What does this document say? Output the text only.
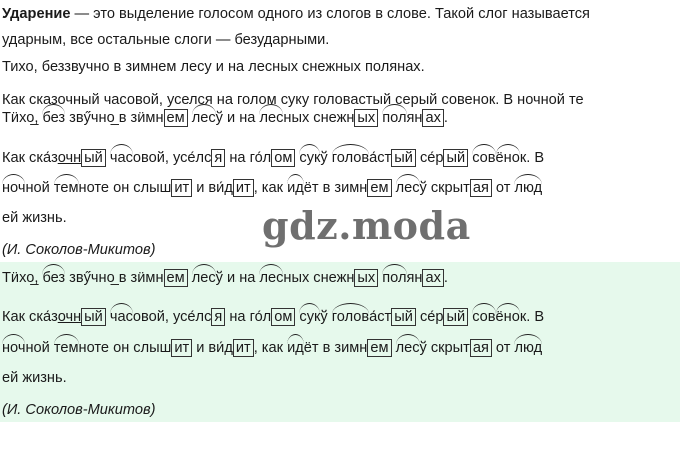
Ударение — это выделение голосом одного из слогов в слове. Такой слог называется
ударным, все остальные слоги — безударными.
Тихо, беззвучно в зимнем лесу и на лесных снежных полянах.
Как сказочный часовой, уселся на голом суку головастый серый совенок. В ночной те
Тӥхо̲, без звӳчно̲ в зӥмн ем лесў и на лесных снежн ых полян ах .
Как ска́зочн ый часовой, усе́лс я на го́л ом сукў голова́ст ый се́р ый совёнок. В
ночной темноте он слыш ит и ви́д ит , как идёт в зимн ем лесў скрыт ая от люд
ей жизнь.
(И. Соколов-Микитов)
gdz.moda
Тӥхо̲, без звӳчно̲ в зӥмн ем лесў и на лесных снежн ых полян ах .
Как ска́зочн ый часовой, усе́лс я на го́л ом сукў голова́ст ый се́р ый совёнок. В
ночной темноте он слыш ит и ви́д ит , как идёт в зимн ем лесў скрыт ая от люд
ей жизнь.
(И. Соколов-Микитов)
